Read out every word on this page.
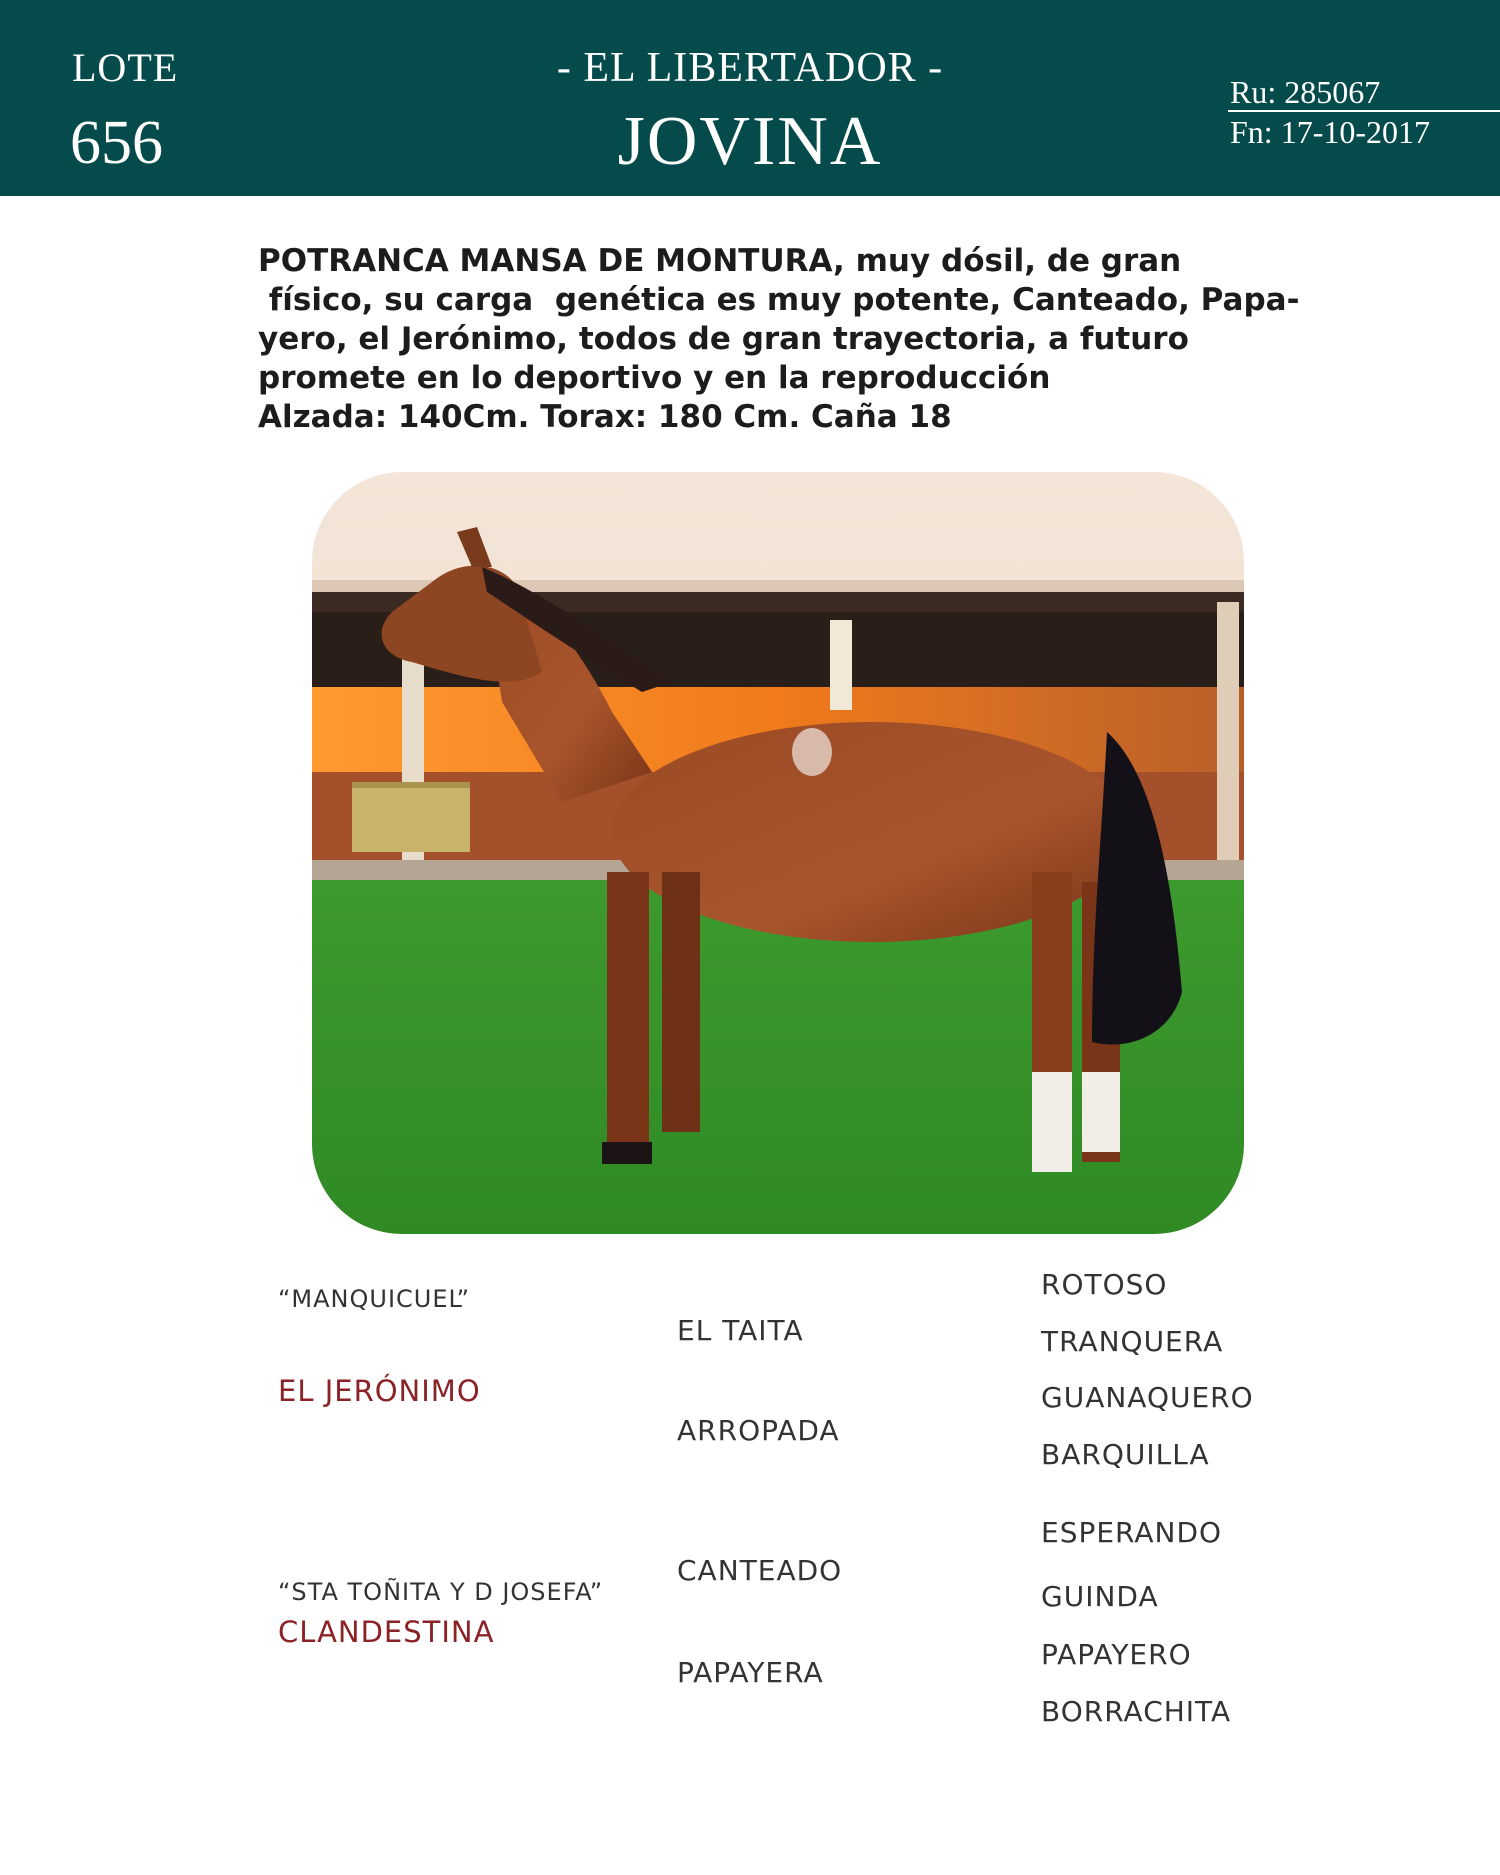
LOTE
656
- EL LIBERTADOR -
JOVINA
Ru: 285067
Fn: 17-10-2017
POTRANCA MANSA DE MONTURA, muy dósil, de gran
físico, su carga  genética es muy potente, Canteado, Papa-
yero, el Jerónimo, todos de gran trayectoria, a futuro
promete en lo deportivo y en la reproducción
Alzada: 140Cm. Torax: 180 Cm. Caña 18
“MANQUICUEL”
EL JERÓNIMO
“STA TOÑITA Y D JOSEFA”
CLANDESTINA
EL TAITA
ARROPADA
CANTEADO
PAPAYERA
ROTOSO
TRANQUERA
GUANAQUERO
BARQUILLA
ESPERANDO
GUINDA
PAPAYERO
BORRACHITA
